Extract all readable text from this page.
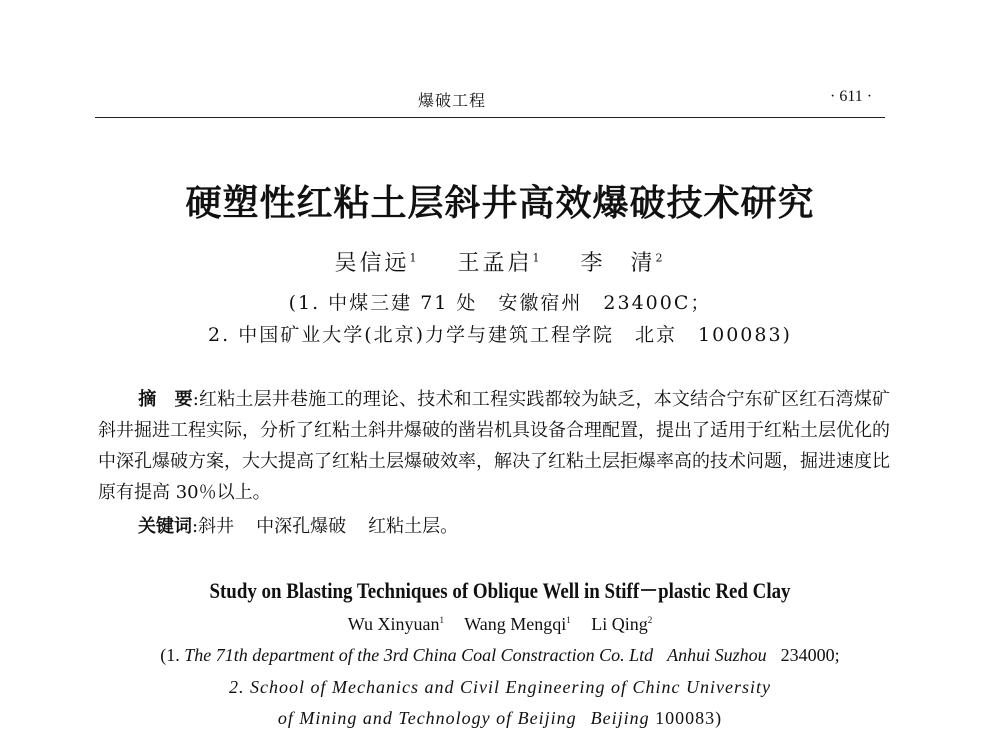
爆破工程	· 611 ·
硬塑性红粘土层斜井高效爆破技术研究
吴信远$^1$ 王孟启$^1$ 李　清$^2$
(1. 中煤三建 71 处　安徽宿州　23400C；
2. 中国矿业大学(北京)力学与建筑工程学院　北京　100083)
摘　要:红粘土层井巷施工的理论、技术和工程实践都较为缺乏，本文结合宁东矿区红石湾煤矿斜井掘进工程实际，分析了红粘土斜井爆破的凿岩机具设备合理配置，提出了适用于红粘土层优化的中深孔爆破方案，大大提高了红粘土层爆破效率，解决了红粘土层拒爆率高的技术问题，掘进速度比原有提高 30％以上。
关键词:斜井 中深孔爆破 红粘土层。
Study on Blasting Techniques of Oblique Well in Stiff－plastic Red Clay
Wu Xinyuan$^1$ Wang Mengqi$^1$ Li Qing$^2$
(1. The 71th department of the 3rd China Coal Constraction Co. Ltd Anhui Suzhou 234000;
2. School of Mechanics and Civil Engineering of Chinc University
of Mining and Technology of Beijing Beijing 100083)
